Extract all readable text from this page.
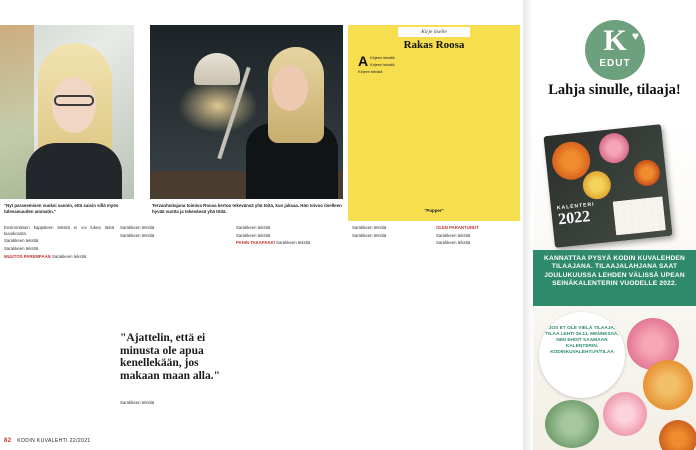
"Nyt paranemisen vuoksi sanoin, että saisin sillä myös tulevaisuuden ammatin."

Tervanhoitajana toimiva Roosa kertoo tekevänsä yhä töitä, kun jaksaa. Hän toivoo itselleen hyvää vuotta ja tekevänsä yhä töitä.

Ensimmäisen kappaleen tekstiä ei voi lukea tästä kuvakoosta.

Sarakkeen tekstiä

Sarakkeen tekstiä

MUUTOS PAREMPAAN Sarakkeen tekstiä

Sarakkeen tekstiä

Sarakkeen tekstiä

"Ajattelin, että ei minusta ole apua kenellekään, jos makaan maan alla."

Sarakkeen tekstiä

Sarakkeen tekstiä

Sarakkeen tekstiä

PAHIN TAKAPAKKI Sarakkeen tekstiä

Sarakkeen tekstiä

Sarakkeen tekstiä

OLEN PARANTUNUT

Sarakkeen tekstiä

Sarakkeen tekstiä

82 KODIN KUVALEHTI 22/2021
Kirje itselle
Rakas Roosa
A Kirjeen tekstiä

Kirjeen tekstiä

Kirjeen tekstiä

"Pupper"
K ♥
EDUT
Lahja sinulle, tilaaja!
KALENTERI
2022

KANNATTAA PYSYÄ KODIN KUVALEHDEN TILAAJANA. TILAAJALAHJANA SAAT JOULUKUUSSA LEHDEN VÄLISSÄ UPEAN SEINÄKALENTERIN VUODELLE 2022.

JOS ET OLE VIELÄ TILAAJA, TILAA LEHTI 29.11. MENNESSÄ, NIIN EHDIT SAAMAAN KALENTERIN. KODINKUVALEHTI.FI/TILAA
